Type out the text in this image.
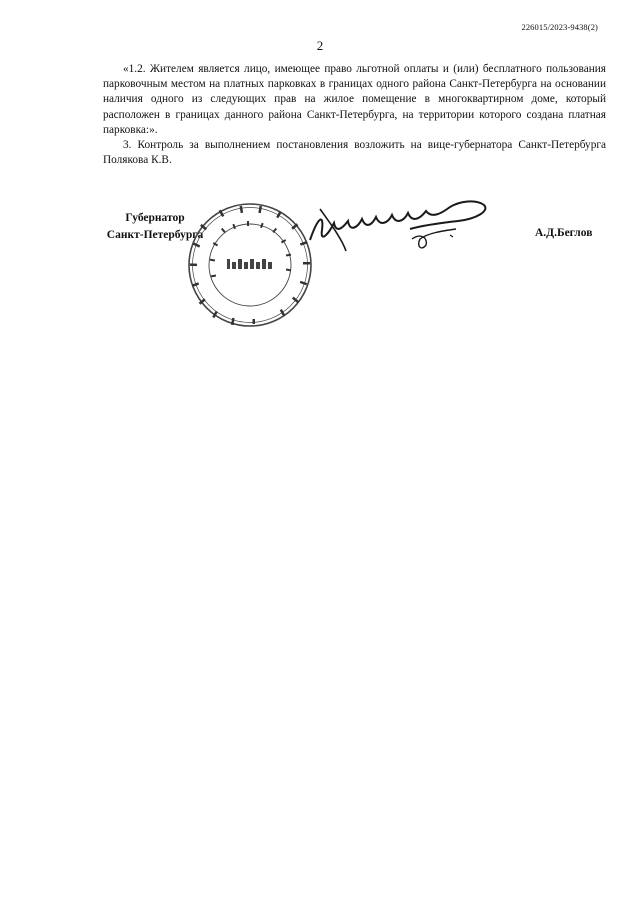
226015/2023-9438(2)
2

«1.2. Жителем является лицо, имеющее право льготной оплаты и (или) бесплатного пользования парковочным местом на платных парковках в границах одного района Санкт-Петербурга на основании наличия одного из следующих прав на жилое помещение в многоквартирном доме, который расположен в границах данного района Санкт-Петербурга, на территории которого создана платная парковка:».

3. Контроль за выполнением постановления возложить на вице-губернатора Санкт-Петербурга Полякова К.В.

Губернатор
Санкт-Петербурга	А.Д.Беглов
